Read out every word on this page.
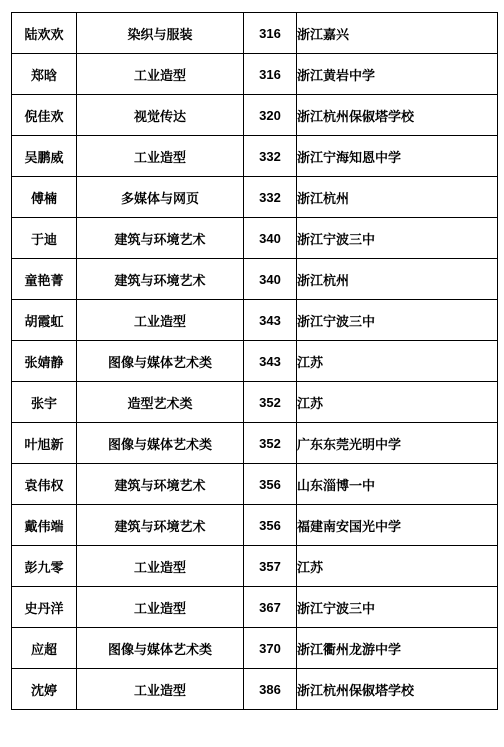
陆欢欢	染织与服装	316	浙江嘉兴
郑晗	工业造型	316	浙江黄岩中学
倪佳欢	视觉传达	320	浙江杭州保俶塔学校
吴鹏威	工业造型	332	浙江宁海知恩中学
傅楠	多媒体与网页	332	浙江杭州
于迪	建筑与环境艺术	340	浙江宁波三中
童艳菁	建筑与环境艺术	340	浙江杭州
胡霞虹	工业造型	343	浙江宁波三中
张婧静	图像与媒体艺术类	343	江苏
张宇	造型艺术类	352	江苏
叶旭新	图像与媒体艺术类	352	广东东莞光明中学
袁伟权	建筑与环境艺术	356	山东淄博一中
戴伟端	建筑与环境艺术	356	福建南安国光中学
彭九零	工业造型	357	江苏
史丹洋	工业造型	367	浙江宁波三中
应超	图像与媒体艺术类	370	浙江衢州龙游中学
沈婷	工业造型	386	浙江杭州保俶塔学校
